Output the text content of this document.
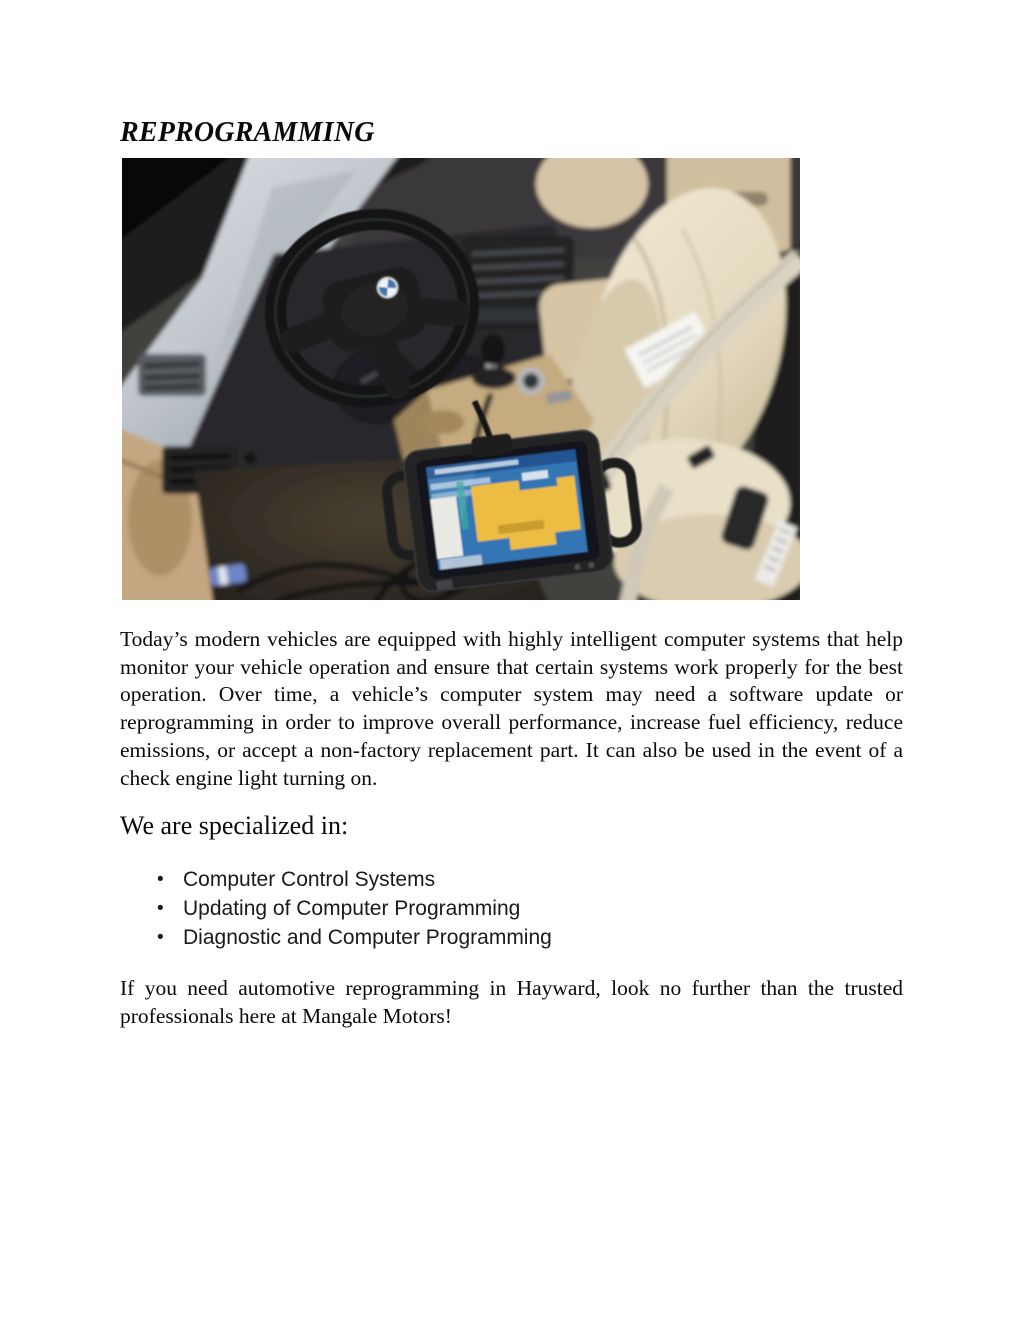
REPROGRAMMING

Today’s modern vehicles are equipped with highly intelligent computer systems that help monitor your vehicle operation and ensure that certain systems work properly for the best operation. Over time, a vehicle’s computer system may need a software update or reprogramming in order to improve overall performance, increase fuel efficiency, reduce emissions, or accept a non-factory replacement part. It can also be used in the event of a check engine light turning on.

We are specialized in:
• Computer Control Systems
• Updating of Computer Programming
• Diagnostic and Computer Programming

If you need automotive reprogramming in Hayward, look no further than the trusted professionals here at Mangale Motors!
